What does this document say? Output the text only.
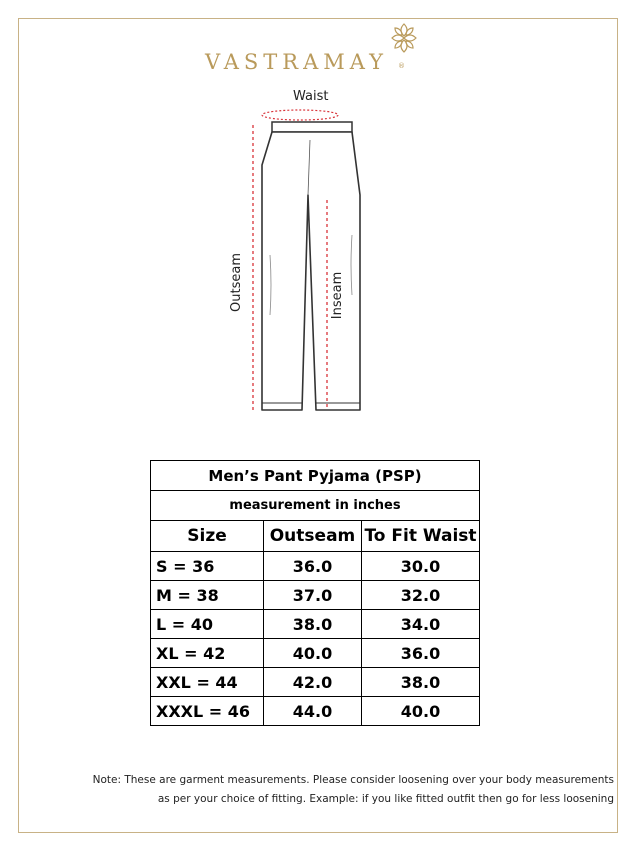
VASTRAMAY ®
Waist
Outseam	Inseam
Men’s Pant Pyjama (PSP)		
measurement in inches		
Size	Outseam	To Fit Waist
S = 36	36.0	30.0
M = 38	37.0	32.0
L = 40	38.0	34.0
XL = 42	40.0	36.0
XXL = 44	42.0	38.0
XXXL = 46	44.0	40.0
Note: These are garment measurements. Please consider loosening over your body measurements
as per your choice of fitting. Example: if you like fitted outfit then go for less loosening
